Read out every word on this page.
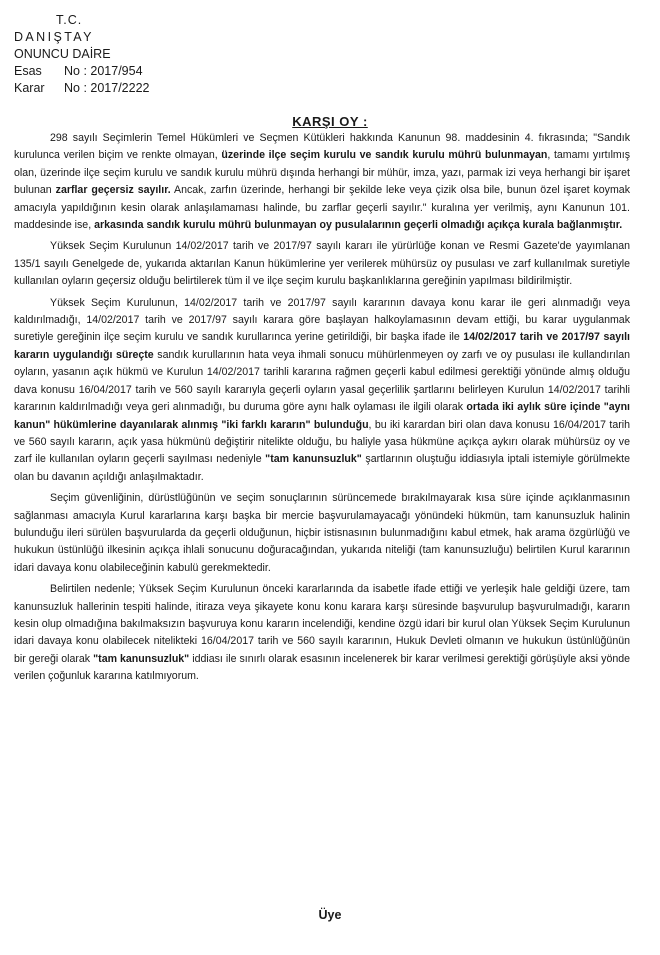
T.C.
DANIŞTAY
ONUNCU DAİRE
Esas No : 2017/954
Karar No : 2017/2222
KARŞI OY :

298 sayılı Seçimlerin Temel Hükümleri ve Seçmen Kütükleri hakkında Kanunun 98. maddesinin 4. fıkrasında; "Sandık kurulunca verilen biçim ve renkte olmayan, üzerinde ilçe seçim kurulu ve sandık kurulu mührü bulunmayan, tamamı yırtılmış olan, üzerinde ilçe seçim kurulu ve sandık kurulu mührü dışında herhangi bir mühür, imza, yazı, parmak izi veya herhangi bir işaret bulunan zarflar geçersiz sayılır. Ancak, zarfın üzerinde, herhangi bir şekilde leke veya çizik olsa bile, bunun özel işaret koymak amacıyla yapıldığının kesin olarak anlaşılamaması halinde, bu zarflar geçerli sayılır." kuralına yer verilmiş, aynı Kanunun 101. maddesinde ise, arkasında sandık kurulu mührü bulunmayan oy pusulalarının geçerli olmadığı açıkça kurala bağlanmıştır.

Yüksek Seçim Kurulunun 14/02/2017 tarih ve 2017/97 sayılı kararı ile yürürlüğe konan ve Resmi Gazete'de yayımlanan 135/1 sayılı Genelgede de, yukarıda aktarılan Kanun hükümlerine yer verilerek mühürsüz oy pusulası ve zarf kullanılmak suretiyle kullanılan oyların geçersiz olduğu belirtilerek tüm il ve ilçe seçim kurulu başkanlıklarına gereğinin yapılması bildirilmiştir.

Yüksek Seçim Kurulunun, 14/02/2017 tarih ve 2017/97 sayılı kararının davaya konu karar ile geri alınmadığı veya kaldırılmadığı, 14/02/2017 tarih ve 2017/97 sayılı karara göre başlayan halkoylamasının devam ettiği, bu karar uygulanmak suretiyle gereğinin ilçe seçim kurulu ve sandık kurullarınca yerine getirildiği, bir başka ifade ile 14/02/2017 tarih ve 2017/97 sayılı kararın uygulandığı süreçte sandık kurullarının hata veya ihmali sonucu mühürlenmeyen oy zarfı ve oy pusulası ile kullandırılan oyların, yasanın açık hükmü ve Kurulun 14/02/2017 tarihli kararına rağmen geçerli kabul edilmesi gerektiği yönünde almış olduğu dava konusu 16/04/2017 tarih ve 560 sayılı kararıyla geçerli oyların yasal geçerlilik şartlarını belirleyen Kurulun 14/02/2017 tarihli kararının kaldırılmadığı veya geri alınmadığı, bu duruma göre aynı halk oylaması ile ilgili olarak ortada iki aylık süre içinde "aynı kanun" hükümlerine dayanılarak alınmış "iki farklı kararın" bulunduğu, bu iki karardan biri olan dava konusu 16/04/2017 tarih ve 560 sayılı kararın, açık yasa hükmünü değiştirir nitelikte olduğu, bu haliyle yasa hükmüne açıkça aykırı olarak mühürsüz oy ve zarf ile kullanılan oyların geçerli sayılması nedeniyle "tam kanunsuzluk" şartlarının oluştuğu iddiasıyla iptali istemiyle görülmekte olan bu davanın açıldığı anlaşılmaktadır.

Seçim güvenliğinin, dürüstlüğünün ve seçim sonuçlarının sürüncemede bırakılmayarak kısa süre içinde açıklanmasının sağlanması amacıyla Kurul kararlarına karşı başka bir mercie başvurulamayacağı yönündeki hükmün, tam kanunsuzluk halinin bulunduğu ileri sürülen başvurularda da geçerli olduğunun, hiçbir istisnasının bulunmadığını kabul etmek, hak arama özgürlüğü ve hukukun üstünlüğü ilkesinin açıkça ihlali sonucunu doğuracağından, yukarıda niteliği (tam kanunsuzluğu) belirtilen Kurul kararının idari davaya konu olabileceğinin kabulü gerekmektedir.

Belirtilen nedenle; Yüksek Seçim Kurulunun önceki kararlarında da isabetle ifade ettiği ve yerleşik hale geldiği üzere, tam kanunsuzluk hallerinin tespiti halinde, itiraza veya şikayete konu konu karara karşı süresinde başvurulup başvurulmadığı, kararın kesin olup olmadığına bakılmaksızın başvuruya konu kararın incelendiği, kendine özgü idari bir kurul olan Yüksek Seçim Kurulunun idari davaya konu olabilecek nitelikteki 16/04/2017 tarih ve 560 sayılı kararının, Hukuk Devleti olmanın ve hukukun üstünlüğünün bir gereği olarak "tam kanunsuzluk" iddiası ile sınırlı olarak esasının incelenerek bir karar verilmesi gerektiği görüşüyle aksi yönde verilen çoğunluk kararına katılmıyorum.

Üye
